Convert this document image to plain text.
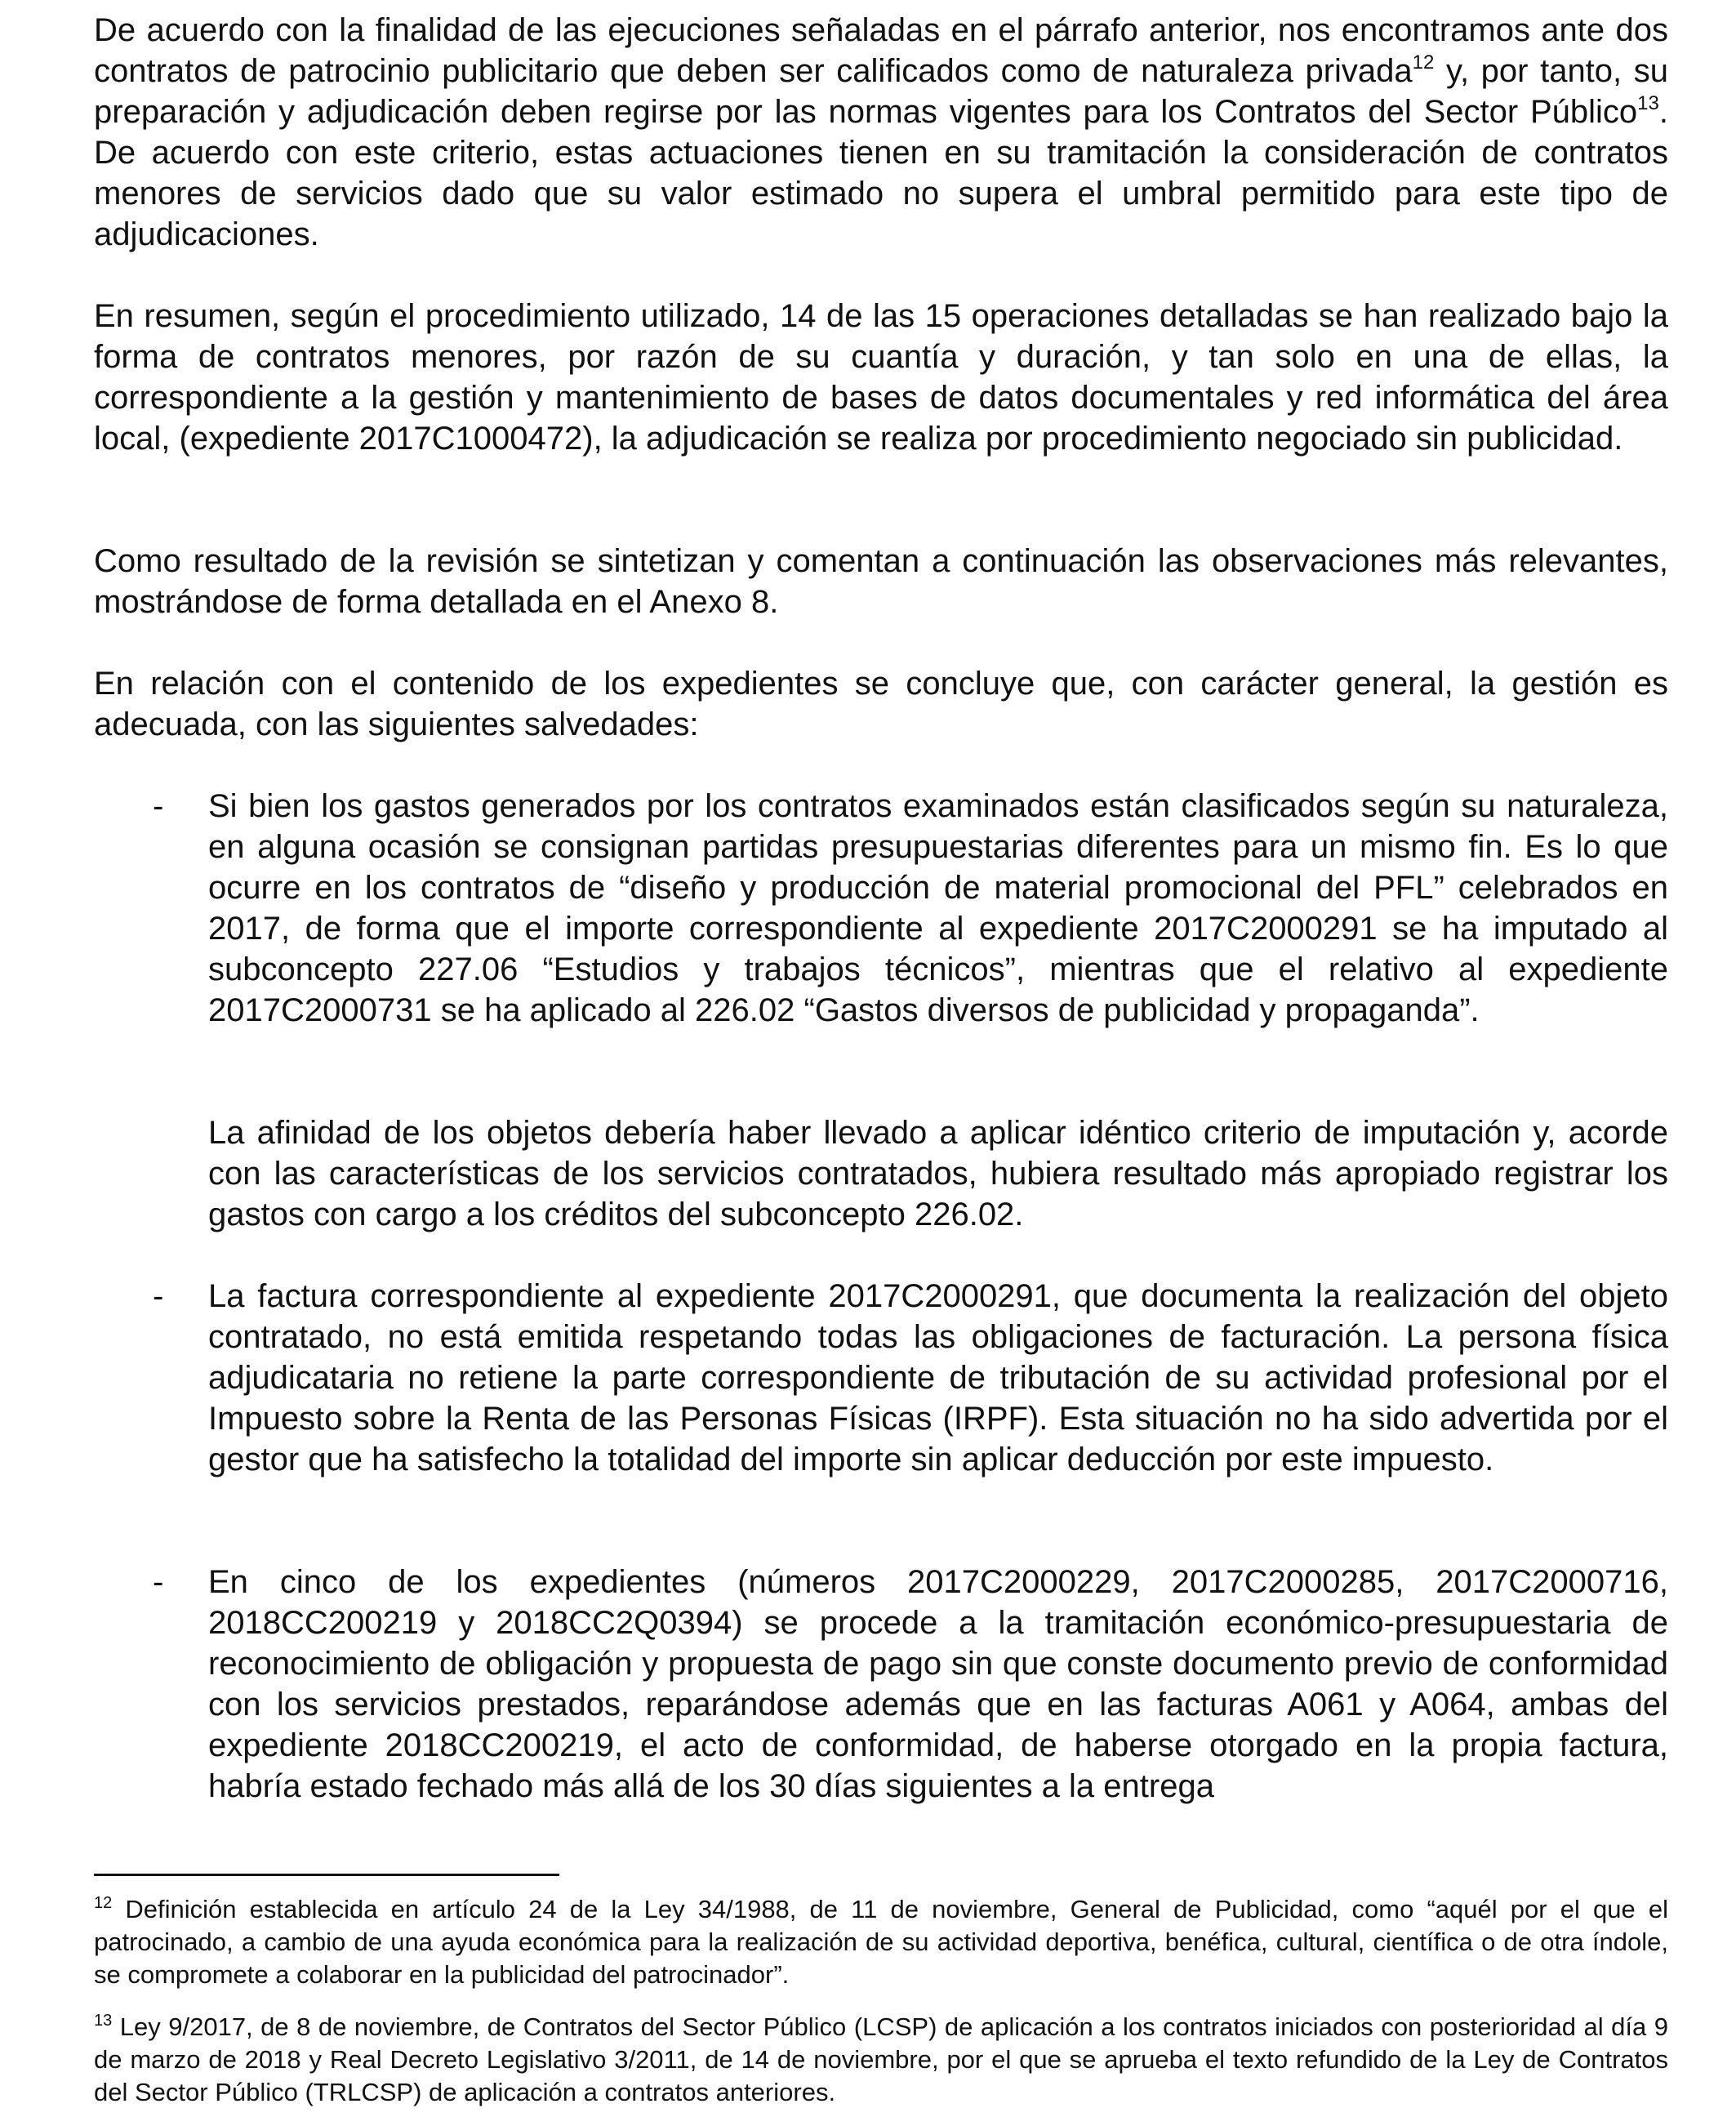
De acuerdo con la finalidad de las ejecuciones señaladas en el párrafo anterior, nos encontramos ante dos contratos de patrocinio publicitario que deben ser calificados como de naturaleza privada$^{12}$ y, por tanto, su preparación y adjudicación deben regirse por las normas vigentes para los Contratos del Sector Público$^{13}$. De acuerdo con este criterio, estas actuaciones tienen en su tramitación la consideración de contratos menores de servicios dado que su valor estimado no supera el umbral permitido para este tipo de adjudicaciones.

En resumen, según el procedimiento utilizado, 14 de las 15 operaciones detalladas se han realizado bajo la forma de contratos menores, por razón de su cuantía y duración, y tan solo en una de ellas, la correspondiente a la gestión y mantenimiento de bases de datos documentales y red informática del área local, (expediente 2017C1000472), la adjudicación se realiza por procedimiento negociado sin publicidad.

Como resultado de la revisión se sintetizan y comentan a continuación las observaciones más relevantes, mostrándose de forma detallada en el Anexo 8.

En relación con el contenido de los expedientes se concluye que, con carácter general, la gestión es adecuada, con las siguientes salvedades:

- Si bien los gastos generados por los contratos examinados están clasificados según su naturaleza, en alguna ocasión se consignan partidas presupuestarias diferentes para un mismo fin. Es lo que ocurre en los contratos de “diseño y producción de material promocional del PFL” celebrados en 2017, de forma que el importe correspondiente al expediente 2017C2000291 se ha imputado al subconcepto 227.06 “Estudios y trabajos técnicos”, mientras que el relativo al expediente 2017C2000731 se ha aplicado al 226.02 “Gastos diversos de publicidad y propaganda”.

La afinidad de los objetos debería haber llevado a aplicar idéntico criterio de imputación y, acorde con las características de los servicios contratados, hubiera resultado más apropiado registrar los gastos con cargo a los créditos del subconcepto 226.02.

- La factura correspondiente al expediente 2017C2000291, que documenta la realización del objeto contratado, no está emitida respetando todas las obligaciones de facturación. La persona física adjudicataria no retiene la parte correspondiente de tributación de su actividad profesional por el Impuesto sobre la Renta de las Personas Físicas (IRPF). Esta situación no ha sido advertida por el gestor que ha satisfecho la totalidad del importe sin aplicar deducción por este impuesto.

- En cinco de los expedientes (números 2017C2000229, 2017C2000285, 2017C2000716, 2018CC200219 y 2018CC2Q0394) se procede a la tramitación económico-presupuestaria de reconocimiento de obligación y propuesta de pago sin que conste documento previo de conformidad con los servicios prestados, reparándose además que en las facturas A061 y A064, ambas del expediente 2018CC200219, el acto de conformidad, de haberse otorgado en la propia factura, habría estado fechado más allá de los 30 días siguientes a la entrega

$^{12}$ Definición establecida en artículo 24 de la Ley 34/1988, de 11 de noviembre, General de Publicidad, como “aquél por el que el patrocinado, a cambio de una ayuda económica para la realización de su actividad deportiva, benéfica, cultural, científica o de otra índole, se compromete a colaborar en la publicidad del patrocinador”.

$^{13}$ Ley 9/2017, de 8 de noviembre, de Contratos del Sector Público (LCSP) de aplicación a los contratos iniciados con posterioridad al día 9 de marzo de 2018 y Real Decreto Legislativo 3/2011, de 14 de noviembre, por el que se aprueba el texto refundido de la Ley de Contratos del Sector Público (TRLCSP) de aplicación a contratos anteriores.
